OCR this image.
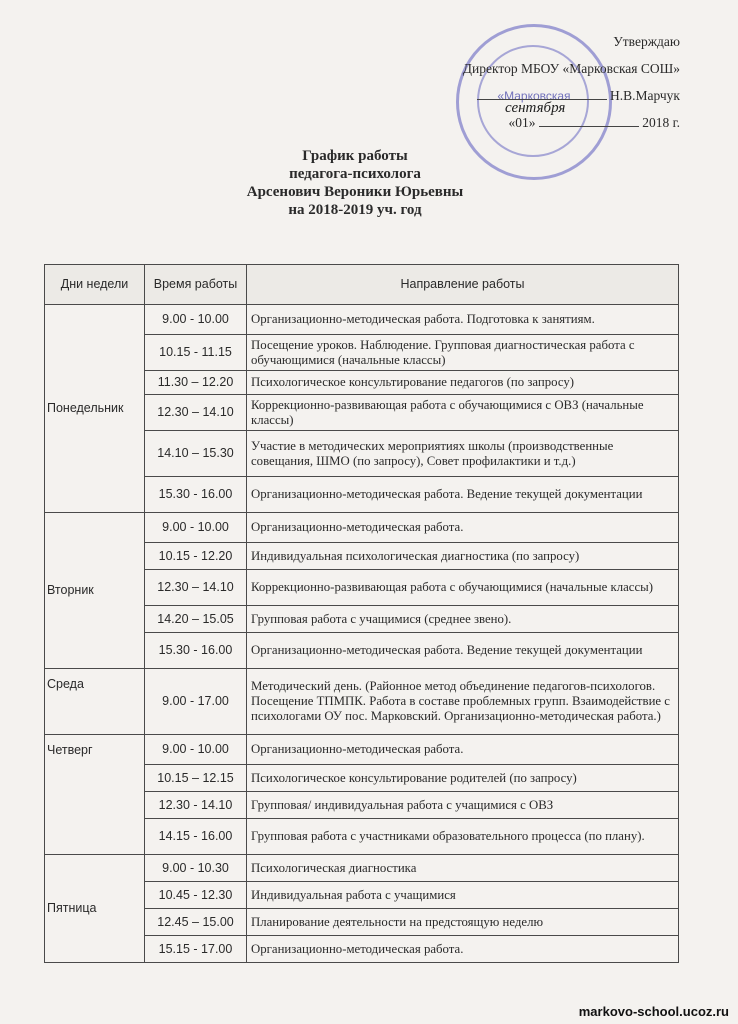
«Марковская
Утверждаю
Директор МБОУ «Марковская СОШ»
Н.В.Марчук
«01»	2018 г.
сентября
График работы
педагога-психолога
Арсенович Вероники Юрьевны
на 2018-2019 уч. год
Дни недели	Время работы	Направление работы
Понедельник	9.00 - 10.00	Организационно-методическая работа. Подготовка к занятиям.
	10.15 - 11.15	Посещение уроков. Наблюдение. Групповая диагностическая работа с обучающимися (начальные классы)
	11.30 – 12.20	Психологическое консультирование педагогов (по запросу)
	12.30 – 14.10	Коррекционно-развивающая работа с обучающимися с ОВЗ (начальные классы)
	14.10 – 15.30	Участие в методических мероприятиях школы (производственные совещания, ШМО (по запросу), Совет профилактики и т.д.)
	15.30 - 16.00	Организационно-методическая работа. Ведение текущей документации
Вторник	9.00 - 10.00	Организационно-методическая работа.
	10.15 - 12.20	Индивидуальная психологическая диагностика (по запросу)
	12.30 – 14.10	Коррекционно-развивающая работа с обучающимися (начальные классы)
	14.20 – 15.05	Групповая работа с учащимися (среднее звено).
	15.30 - 16.00	Организационно-методическая работа. Ведение текущей документации
Среда	9.00 - 17.00	Методический день. (Районное метод объединение педагогов-психологов. Посещение ТПМПК. Работа в составе проблемных групп. Взаимодействие с психологами ОУ пос. Марковский. Организационно-методическая работа.)
Четверг	9.00 - 10.00	Организационно-методическая работа.
	10.15 – 12.15	Психологическое консультирование родителей (по запросу)
	12.30 - 14.10	Групповая/ индивидуальная работа с учащимися с ОВЗ
	14.15 - 16.00	Групповая работа с участниками образовательного процесса (по плану).
Пятница	9.00 - 10.30	Психологическая диагностика
	10.45 - 12.30	Индивидуальная работа с учащимися
	12.45 – 15.00	Планирование деятельности на предстоящую неделю
	15.15 - 17.00	Организационно-методическая работа.
markovo-school.ucoz.ru
